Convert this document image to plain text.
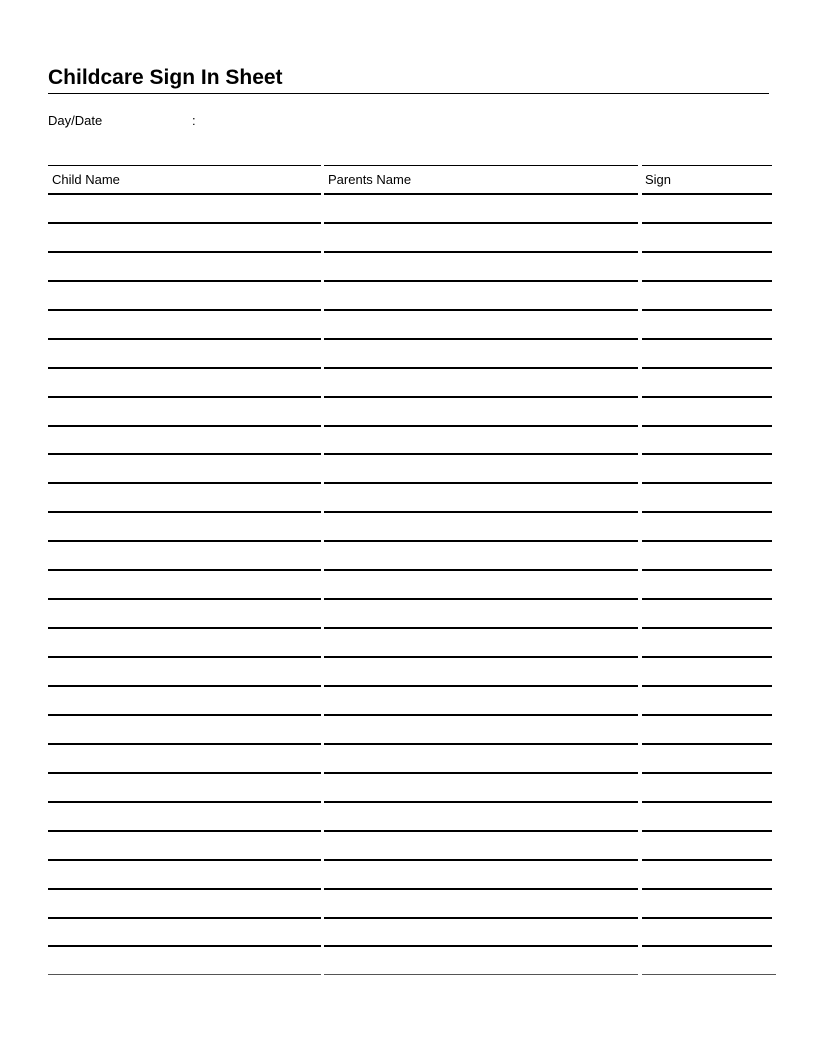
Childcare Sign In Sheet
Day/Date	:
Child Name	Parents Name	Sign
